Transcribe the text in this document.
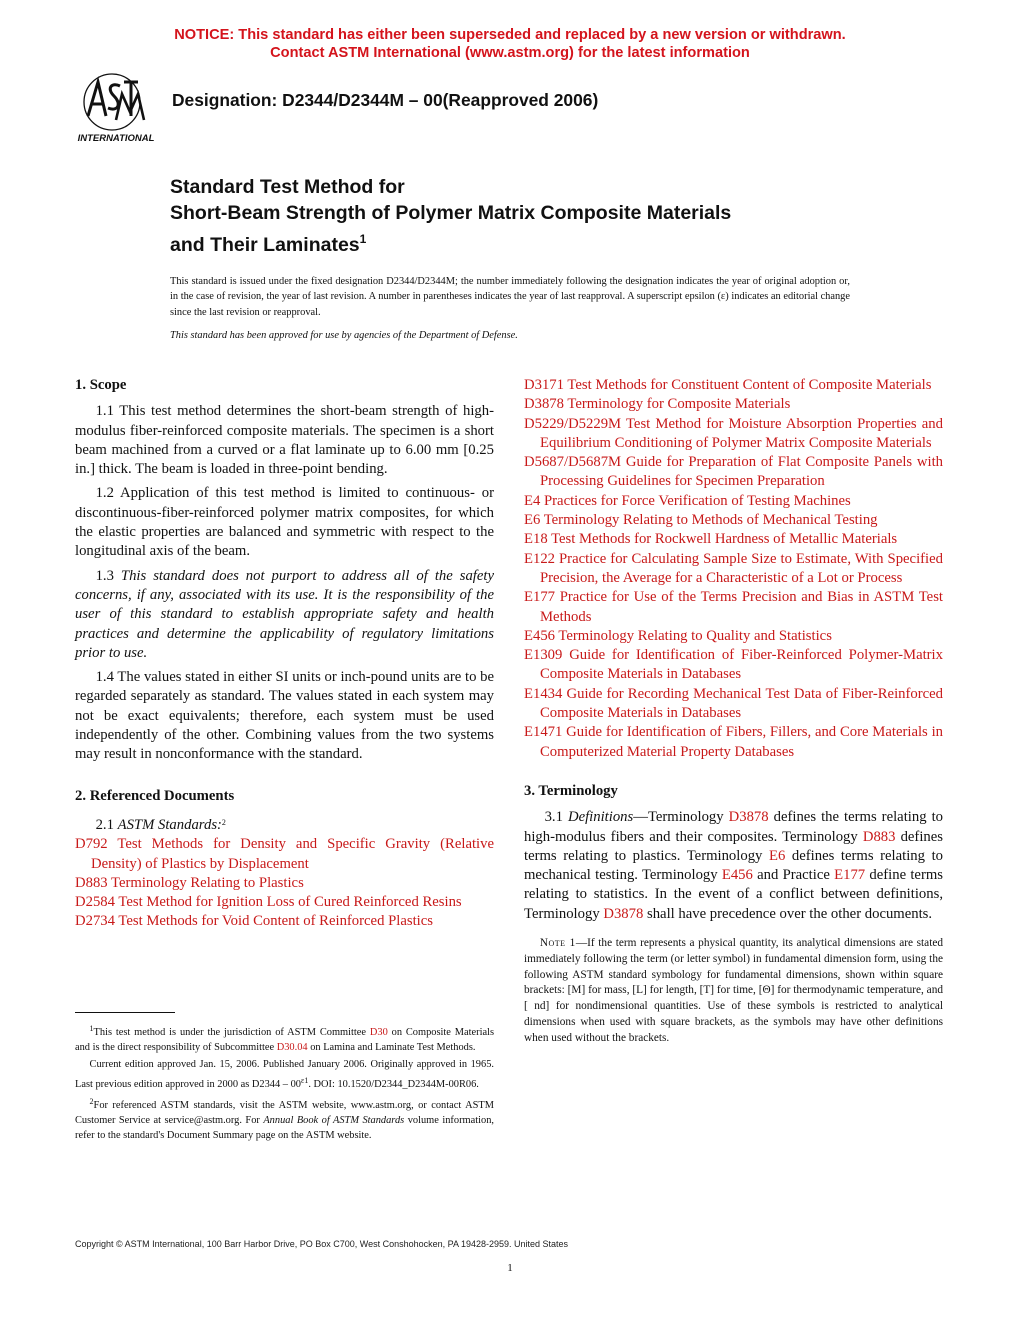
NOTICE: This standard has either been superseded and replaced by a new version or withdrawn.
Contact ASTM International (www.astm.org) for the latest information
INTERNATIONAL
Designation: D2344/D2344M – 00(Reapproved 2006)
Standard Test Method for
Short-Beam Strength of Polymer Matrix Composite Materials
and Their Laminates$^1$
This standard is issued under the fixed designation D2344/D2344M; the number immediately following the designation indicates the year of original adoption or, in the case of revision, the year of last revision. A number in parentheses indicates the year of last reapproval. A superscript epsilon (ε) indicates an editorial change since the last revision or reapproval.
This standard has been approved for use by agencies of the Department of Defense.
1. Scope
1.1 This test method determines the short-beam strength of high-modulus fiber-reinforced composite materials. The specimen is a short beam machined from a curved or a flat laminate up to 6.00 mm [0.25 in.] thick. The beam is loaded in three-point bending.
1.2 Application of this test method is limited to continuous- or discontinuous-fiber-reinforced polymer matrix composites, for which the elastic properties are balanced and symmetric with respect to the longitudinal axis of the beam.
1.3 This standard does not purport to address all of the safety concerns, if any, associated with its use. It is the responsibility of the user of this standard to establish appropriate safety and health practices and determine the applicability of regulatory limitations prior to use.
1.4 The values stated in either SI units or inch-pound units are to be regarded separately as standard. The values stated in each system may not be exact equivalents; therefore, each system must be used independently of the other. Combining values from the two systems may result in nonconformance with the standard.
2. Referenced Documents
2.1 ASTM Standards:$^2$
D792 Test Methods for Density and Specific Gravity (Relative Density) of Plastics by Displacement
D883 Terminology Relating to Plastics
D2584 Test Method for Ignition Loss of Cured Reinforced Resins
D2734 Test Methods for Void Content of Reinforced Plastics
D3171 Test Methods for Constituent Content of Composite Materials
D3878 Terminology for Composite Materials
D5229/D5229M Test Method for Moisture Absorption Properties and Equilibrium Conditioning of Polymer Matrix Composite Materials
D5687/D5687M Guide for Preparation of Flat Composite Panels with Processing Guidelines for Specimen Preparation
E4 Practices for Force Verification of Testing Machines
E6 Terminology Relating to Methods of Mechanical Testing
E18 Test Methods for Rockwell Hardness of Metallic Materials
E122 Practice for Calculating Sample Size to Estimate, With Specified Precision, the Average for a Characteristic of a Lot or Process
E177 Practice for Use of the Terms Precision and Bias in ASTM Test Methods
E456 Terminology Relating to Quality and Statistics
E1309 Guide for Identification of Fiber-Reinforced Polymer-Matrix Composite Materials in Databases
E1434 Guide for Recording Mechanical Test Data of Fiber-Reinforced Composite Materials in Databases
E1471 Guide for Identification of Fibers, Fillers, and Core Materials in Computerized Material Property Databases
3. Terminology
3.1 Definitions—Terminology D3878 defines the terms relating to high-modulus fibers and their composites. Terminology D883 defines terms relating to plastics. Terminology E6 defines terms relating to mechanical testing. Terminology E456 and Practice E177 define terms relating to statistics. In the event of a conflict between definitions, Terminology D3878 shall have precedence over the other documents.
Note 1—If the term represents a physical quantity, its analytical dimensions are stated immediately following the term (or letter symbol) in fundamental dimension form, using the following ASTM standard symbology for fundamental dimensions, shown within square brackets: [M] for mass, [L] for length, [T] for time, [Θ] for thermodynamic temperature, and [ nd] for nondimensional quantities. Use of these symbols is restricted to analytical dimensions when used with square brackets, as the symbols may have other definitions when used without the brackets.
$^1$This test method is under the jurisdiction of ASTM Committee D30 on Composite Materials and is the direct responsibility of Subcommittee D30.04 on Lamina and Laminate Test Methods.
Current edition approved Jan. 15, 2006. Published January 2006. Originally approved in 1965. Last previous edition approved in 2000 as $D2344 - 00^{\varepsilon 1}$. DOI: 10.1520/D2344_D2344M-00R06.
$^2$For referenced ASTM standards, visit the ASTM website, www.astm.org, or contact ASTM Customer Service at service@astm.org. For Annual Book of ASTM Standards volume information, refer to the standard's Document Summary page on the ASTM website.
Copyright © ASTM International, 100 Barr Harbor Drive, PO Box C700, West Conshohocken, PA 19428-2959. United States
1
